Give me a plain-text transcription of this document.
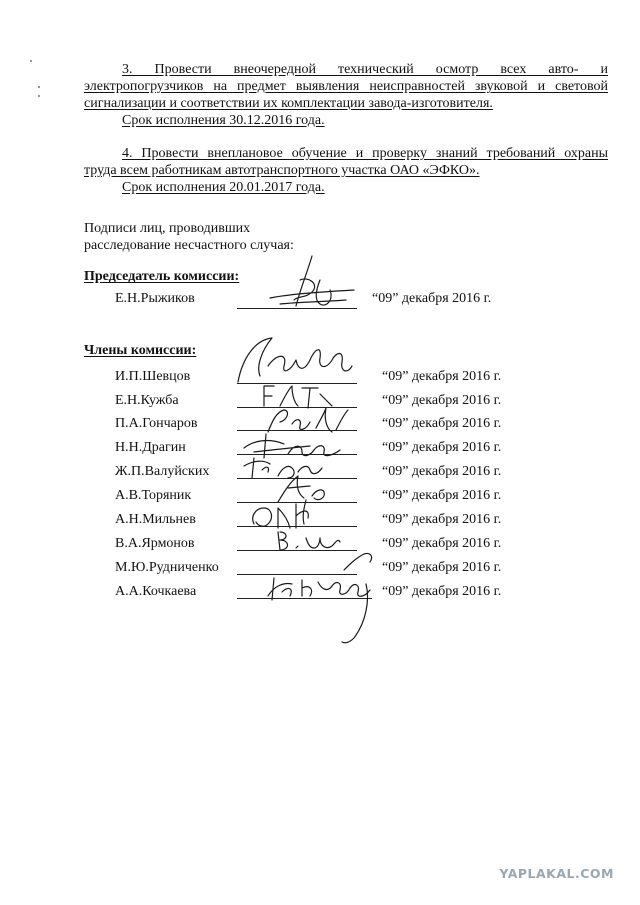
3. Провести внеочередной технический осмотр всех авто- и
электропогрузчиков на предмет выявления неисправностей звуковой и световой
сигнализации и соответствии их комплектации завода-изготовителя.
Срок исполнения 30.12.2016 года.
4. Провести внеплановое обучение и проверку знаний требований охраны
труда всем работникам автотранспортного участка ОАО «ЭФКО».
Срок исполнения 20.01.2017 года.
Подписи лиц, проводивших
расследование несчастного случая:
Председатель комиссии:
Е.Н.Рыжиков	“09” декабря 2016 г.
Члены комиссии:
И.П.Шевцов	“09” декабря 2016 г.
Е.Н.Кужба	“09” декабря 2016 г.
П.А.Гончаров	“09” декабря 2016 г.
Н.Н.Драгин	“09” декабря 2016 г.
Ж.П.Валуйских	“09” декабря 2016 г.
А.В.Торяник	“09” декабря 2016 г.
А.Н.Мильнев	“09” декабря 2016 г.
В.А.Ярмонов	“09” декабря 2016 г.
М.Ю.Рудниченко	“09” декабря 2016 г.
А.А.Кочкаева	“09” декабря 2016 г.
YAPLAKAL.COM
